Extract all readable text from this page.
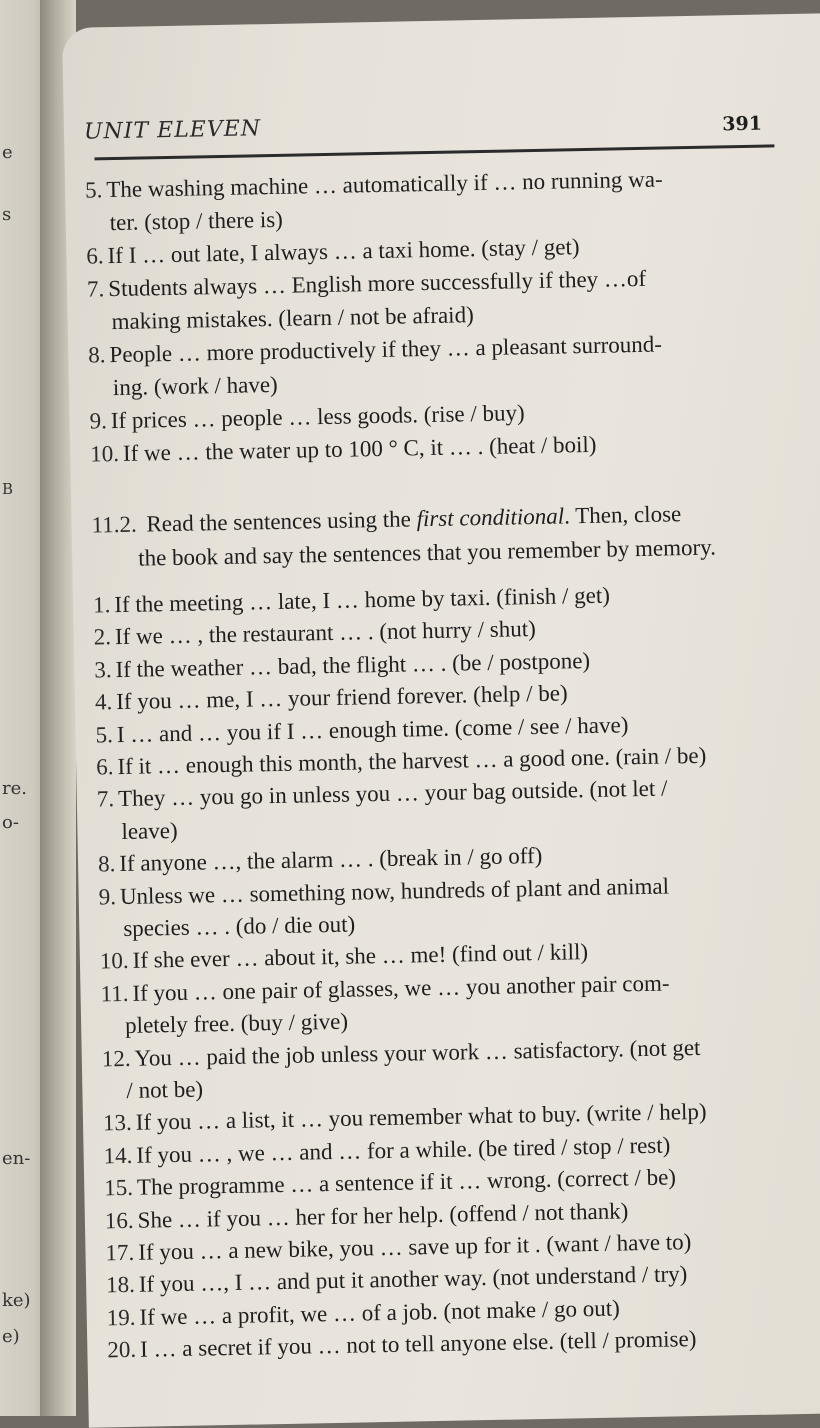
e
s
B
re.
o-
en-
ke)
e)
UNIT ELEVEN	391
5. The washing machine … automatically if … no running wa-
ter. (stop / there is)
6. If I … out late, I always … a taxi home. (stay / get)
7. Students always … English more successfully if they …of
making mistakes. (learn / not be afraid)
8. People … more productively if they … a pleasant surround-
ing. (work / have)
9. If prices … people … less goods. (rise / buy)
10. If we … the water up to 100 ° C, it … . (heat / boil)
11.2. Read the sentences using the first conditional. Then, close
the book and say the sentences that you remember by memory.
1. If the meeting … late, I … home by taxi. (finish / get)
2. If we … , the restaurant … . (not hurry / shut)
3. If the weather … bad, the flight … . (be / postpone)
4. If you … me, I … your friend forever. (help / be)
5. I … and … you if I … enough time. (come / see / have)
6. If it … enough this month, the harvest … a good one. (rain / be)
7. They … you go in unless you … your bag outside. (not let /
leave)
8. If anyone …, the alarm … . (break in / go off)
9. Unless we … something now, hundreds of plant and animal
species … . (do / die out)
10. If she ever … about it, she … me! (find out / kill)
11. If you … one pair of glasses, we … you another pair com-
pletely free. (buy / give)
12. You … paid the job unless your work … satisfactory. (not get
/ not be)
13. If you … a list, it … you remember what to buy. (write / help)
14. If you … , we … and … for a while. (be tired / stop / rest)
15. The programme … a sentence if it … wrong. (correct / be)
16. She … if you … her for her help. (offend / not thank)
17. If you … a new bike, you … save up for it . (want / have to)
18. If you …, I … and put it another way. (not understand / try)
19. If we … a profit, we … of a job. (not make / go out)
20. I … a secret if you … not to tell anyone else. (tell / promise)
